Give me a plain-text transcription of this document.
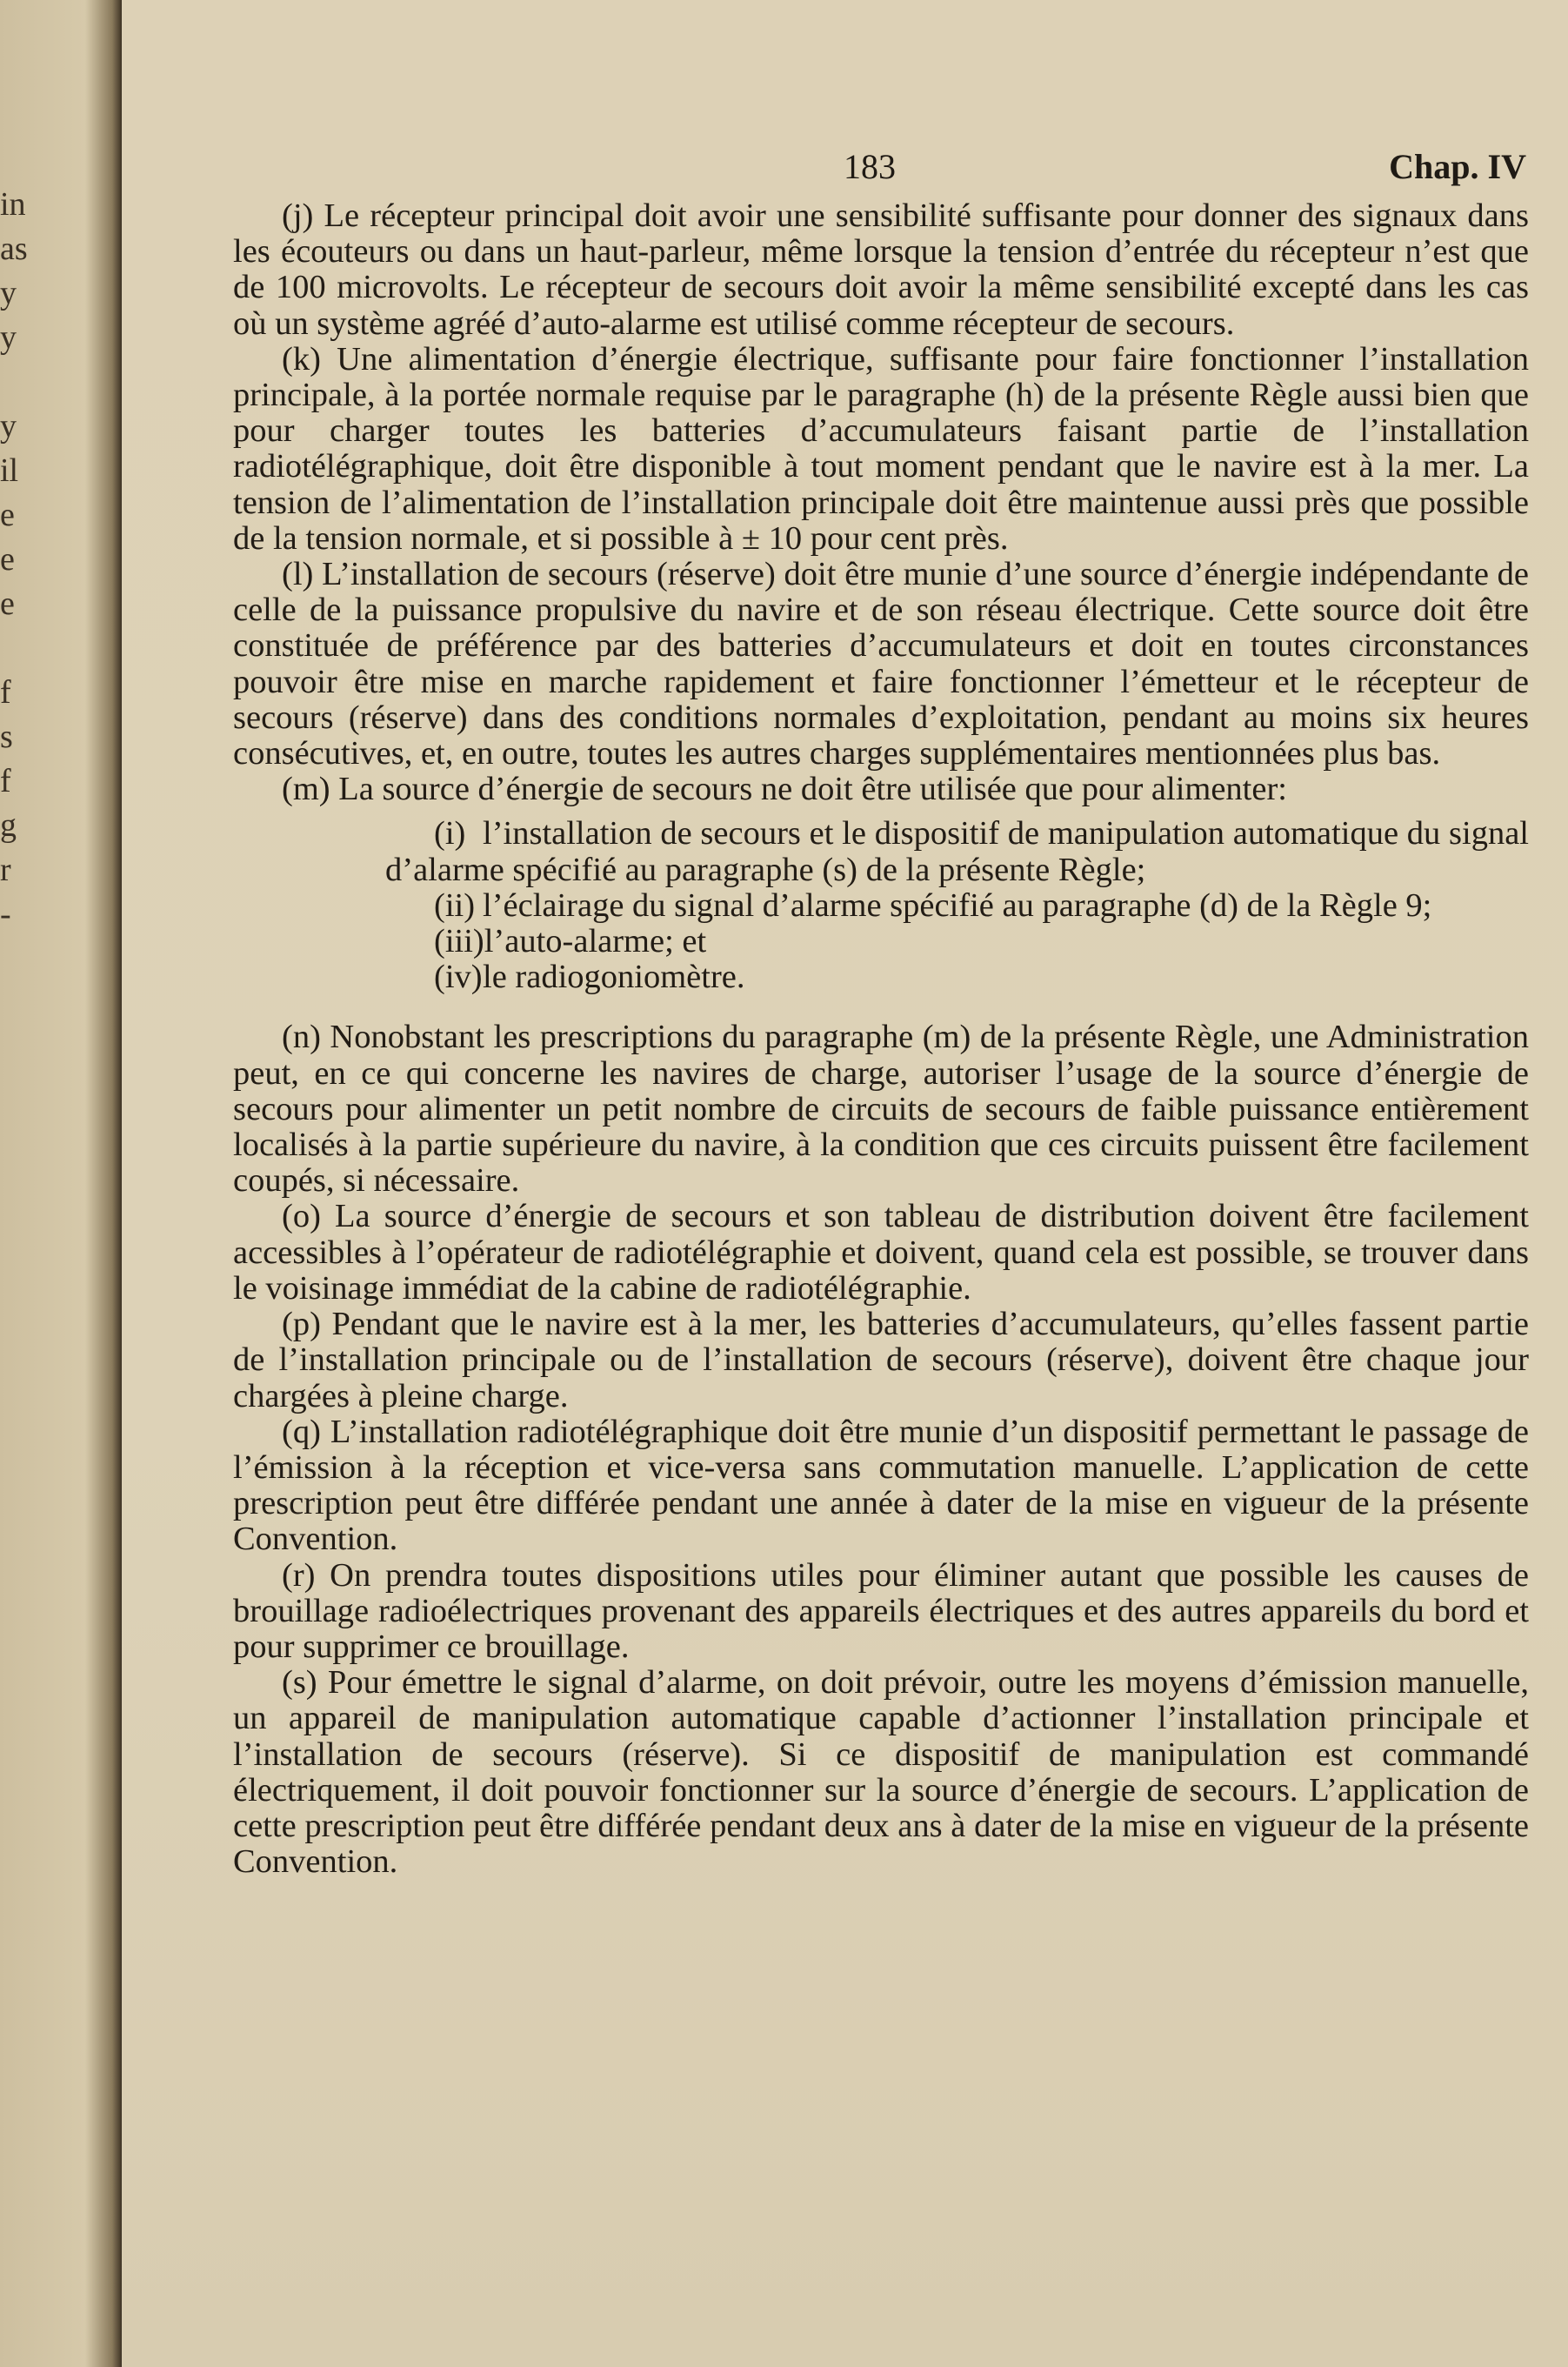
in
as
y
y
y
il
e
e
e
f
s
f
g
r
-
183	Chap. IV

(j) Le récepteur principal doit avoir une sensibilité suffisante pour donner des signaux dans les écouteurs ou dans un haut-parleur, même lorsque la tension d’entrée du récepteur n’est que de 100 microvolts. Le récepteur de secours doit avoir la même sensibilité excepté dans les cas où un système agréé d’auto-alarme est utilisé comme récepteur de secours.

(k) Une alimentation d’énergie électrique, suffisante pour faire fonctionner l’installation principale, à la portée normale requise par le paragraphe (h) de la présente Règle aussi bien que pour charger toutes les batteries d’accumulateurs faisant partie de l’installation radiotélégraphique, doit être disponible à tout moment pendant que le navire est à la mer. La tension de l’alimentation de l’installation principale doit être maintenue aussi près que possible de la tension normale, et si possible à ± 10 pour cent près.

(l) L’installation de secours (réserve) doit être munie d’une source d’énergie indépendante de celle de la puissance propulsive du navire et de son réseau électrique. Cette source doit être constituée de préférence par des batteries d’accumulateurs et doit en toutes circonstances pouvoir être mise en marche rapidement et faire fonctionner l’émetteur et le récepteur de secours (réserve) dans des conditions normales d’exploitation, pendant au moins six heures consécutives, et, en outre, toutes les autres charges supplémentaires mentionnées plus bas.

(m) La source d’énergie de secours ne doit être utilisée que pour alimenter:

(i) l’installation de secours et le dispositif de manipulation automatique du signal d’alarme spécifié au paragraphe (s) de la présente Règle;

(ii) l’éclairage du signal d’alarme spécifié au paragraphe (d) de la Règle 9;

(iii)l’auto-alarme; et

(iv)le radiogoniomètre.

(n) Nonobstant les prescriptions du paragraphe (m) de la présente Règle, une Administration peut, en ce qui concerne les navires de charge, autoriser l’usage de la source d’énergie de secours pour alimenter un petit nombre de circuits de secours de faible puissance entièrement localisés à la partie supérieure du navire, à la condition que ces circuits puissent être facilement coupés, si nécessaire.

(o) La source d’énergie de secours et son tableau de distribution doivent être facilement accessibles à l’opérateur de radiotélégraphie et doivent, quand cela est possible, se trouver dans le voisinage immédiat de la cabine de radiotélégraphie.

(p) Pendant que le navire est à la mer, les batteries d’accumulateurs, qu’elles fassent partie de l’installation principale ou de l’installation de secours (réserve), doivent être chaque jour chargées à pleine charge.

(q) L’installation radiotélégraphique doit être munie d’un dispositif permettant le passage de l’émission à la réception et vice-versa sans commutation manuelle. L’application de cette prescription peut être différée pendant une année à dater de la mise en vigueur de la présente Convention.

(r) On prendra toutes dispositions utiles pour éliminer autant que possible les causes de brouillage radioélectriques provenant des appareils électriques et des autres appareils du bord et pour supprimer ce brouillage.

(s) Pour émettre le signal d’alarme, on doit prévoir, outre les moyens d’émission manuelle, un appareil de manipulation automatique capable d’actionner l’installation principale et l’installation de secours (réserve). Si ce dispositif de manipulation est commandé électriquement, il doit pouvoir fonctionner sur la source d’énergie de secours. L’application de cette prescription peut être différée pendant deux ans à dater de la mise en vigueur de la présente Convention.
